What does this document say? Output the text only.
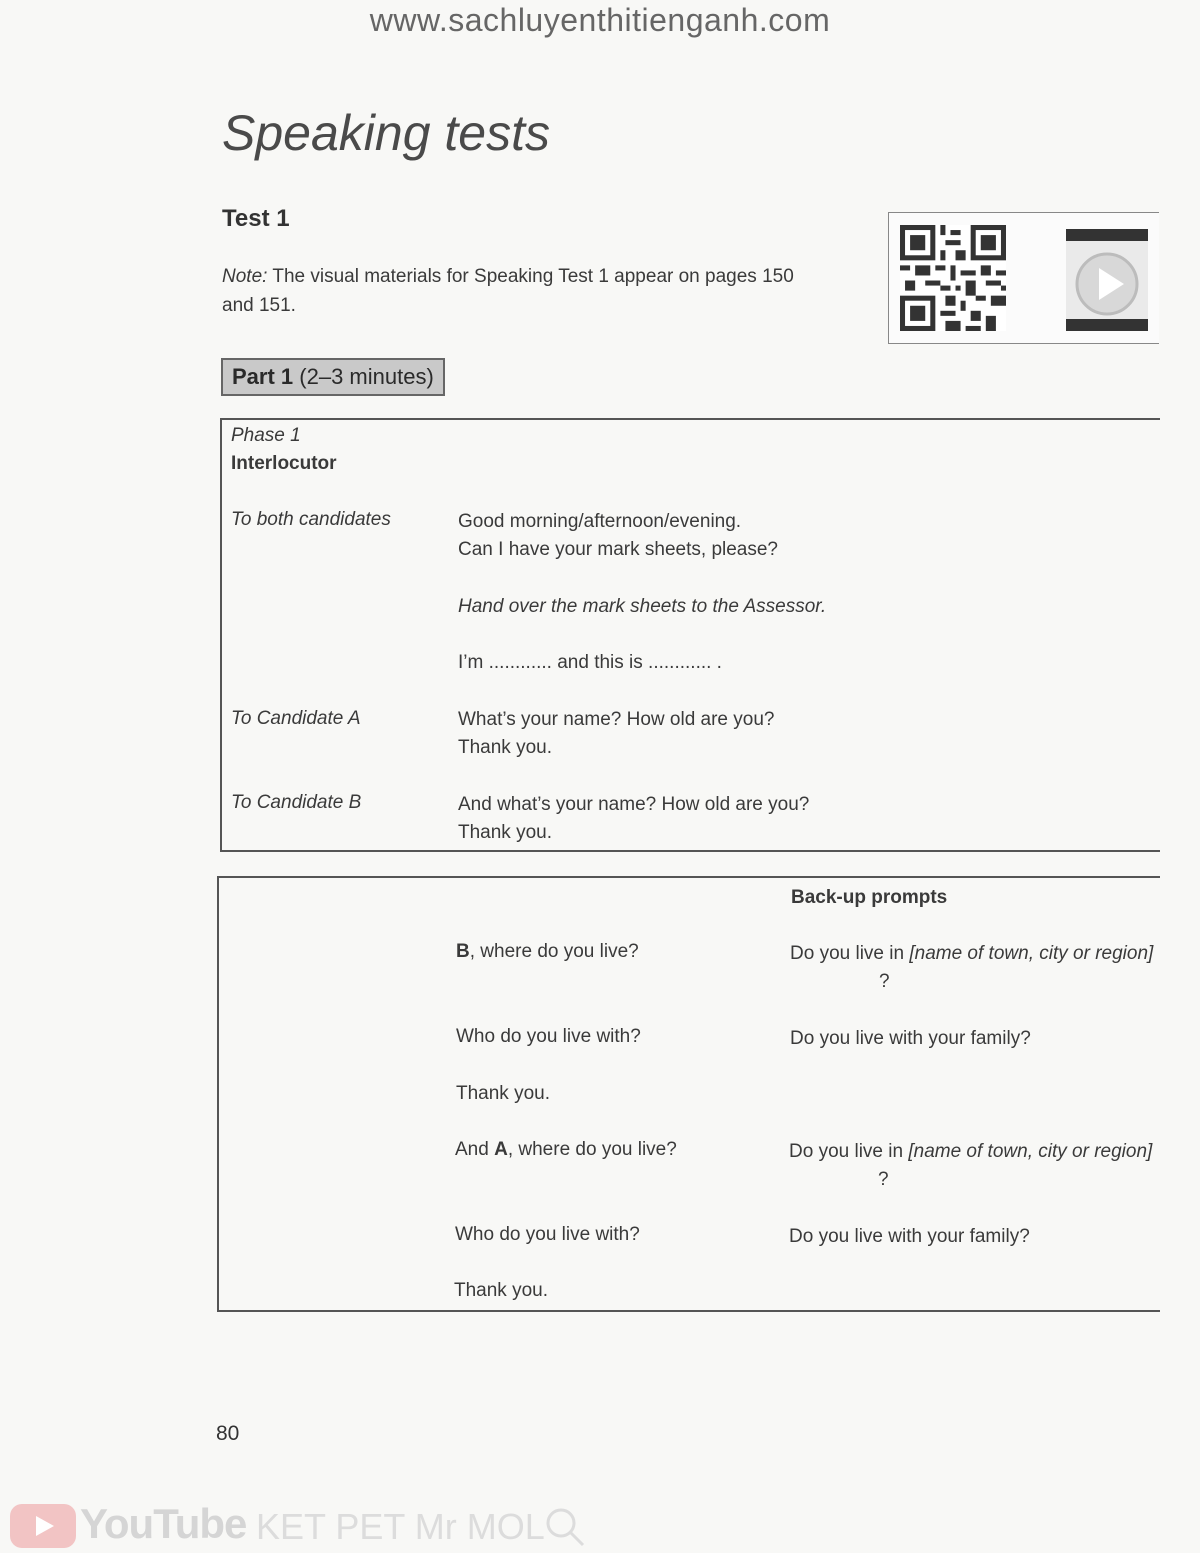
www.sachluyenthitienganh.com
Speaking tests
Test 1
Note: The visual materials for Speaking Test 1 appear on pages 150 and 151.
Part 1 (2–3 minutes)
Phase 1
Interlocutor
To both candidates	Good morning/afternoon/evening.
Can I have your mark sheets, please?
Hand over the mark sheets to the Assessor.
I’m ............ and this is ............ .
To Candidate A	What’s your name? How old are you?
Thank you.
To Candidate B	And what’s your name? How old are you?
Thank you.
Back-up prompts
B, where do you live?	Do you live in [name of town, city or region]
?
Who do you live with?	Do you live with your family?
Thank you.
And A, where do you live?	Do you live in [name of town, city or region]
?
Who do you live with?	Do you live with your family?
Thank you.
80
YouTube KET PET Mr MOL
